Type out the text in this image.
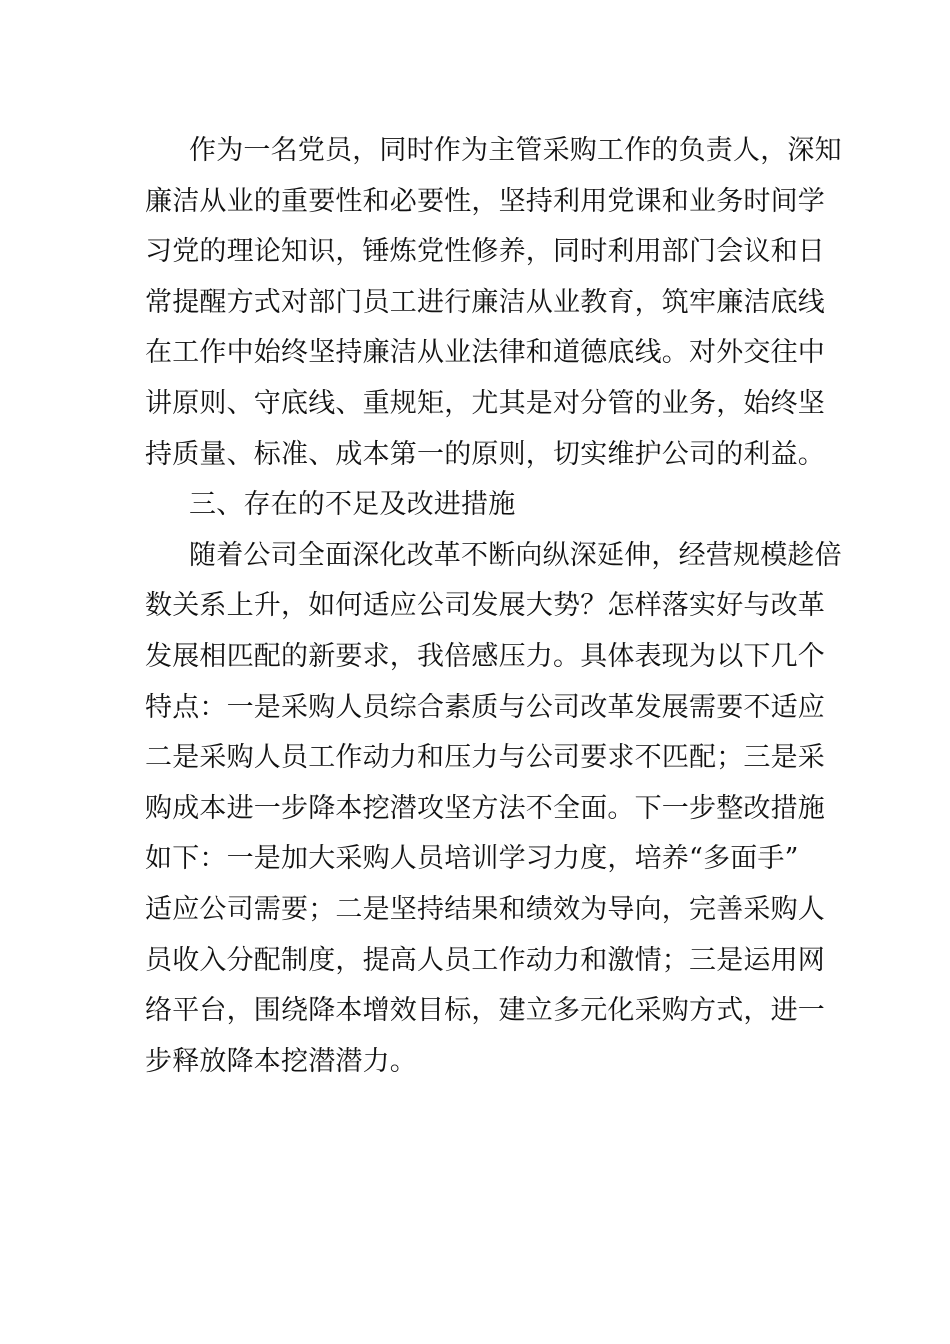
作为一名党员，同时作为主管采购工作的负责人，深知
廉洁从业的重要性和必要性，坚持利用党课和业务时间学
习党的理论知识，锤炼党性修养，同时利用部门会议和日
常提醒方式对部门员工进行廉洁从业教育，筑牢廉洁底线
在工作中始终坚持廉洁从业法律和道德底线。对外交往中
讲原则、守底线、重规矩，尤其是对分管的业务，始终坚
持质量、标准、成本第一的原则，切实维护公司的利益。
三、存在的不足及改进措施
随着公司全面深化改革不断向纵深延伸，经营规模趁倍
数关系上升，如何适应公司发展大势？怎样落实好与改革
发展相匹配的新要求，我倍感压力。具体表现为以下几个
特点：一是采购人员综合素质与公司改革发展需要不适应
二是采购人员工作动力和压力与公司要求不匹配；三是采
购成本进一步降本挖潜攻坚方法不全面。下一步整改措施
如下：一是加大采购人员培训学习力度，培养“多面手”
适应公司需要；二是坚持结果和绩效为导向，完善采购人
员收入分配制度，提高人员工作动力和激情；三是运用网
络平台，围绕降本增效目标，建立多元化采购方式，进一
步释放降本挖潜潜力。
